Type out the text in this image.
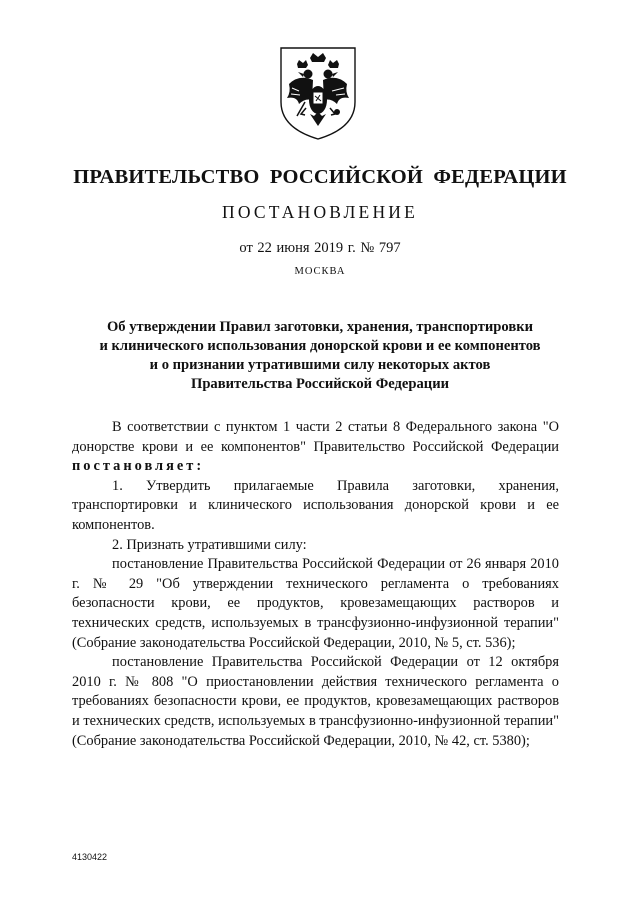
ПРАВИТЕЛЬСТВО РОССИЙСКОЙ ФЕДЕРАЦИИ
ПОСТАНОВЛЕНИЕ
от 22 июня 2019 г. № 797
МОСКВА
Об утверждении Правил заготовки, хранения, транспортировки
и клинического использования донорской крови и ее компонентов
и о признании утратившими силу некоторых актов
Правительства Российской Федерации

В соответствии с пунктом 1 части 2 статьи 8 Федерального закона "О донорстве крови и ее компонентов" Правительство Российской Федерации постановляет:

1. Утвердить прилагаемые Правила заготовки, хранения, транспортировки и клинического использования донорской крови и ее компонентов.

2. Признать утратившими силу:

постановление Правительства Российской Федерации от 26 января 2010 г. № 29 "Об утверждении технического регламента о требованиях безопасности крови, ее продуктов, кровезамещающих растворов и технических средств, используемых в трансфузионно-инфузионной терапии" (Собрание законодательства Российской Федерации, 2010, № 5, ст. 536);

постановление Правительства Российской Федерации от 12 октября 2010 г. № 808 "О приостановлении действия технического регламента о требованиях безопасности крови, ее продуктов, кровезамещающих растворов и технических средств, используемых в трансфузионно-инфузионной терапии" (Собрание законодательства Российской Федерации, 2010, № 42, ст. 5380);

4130422
